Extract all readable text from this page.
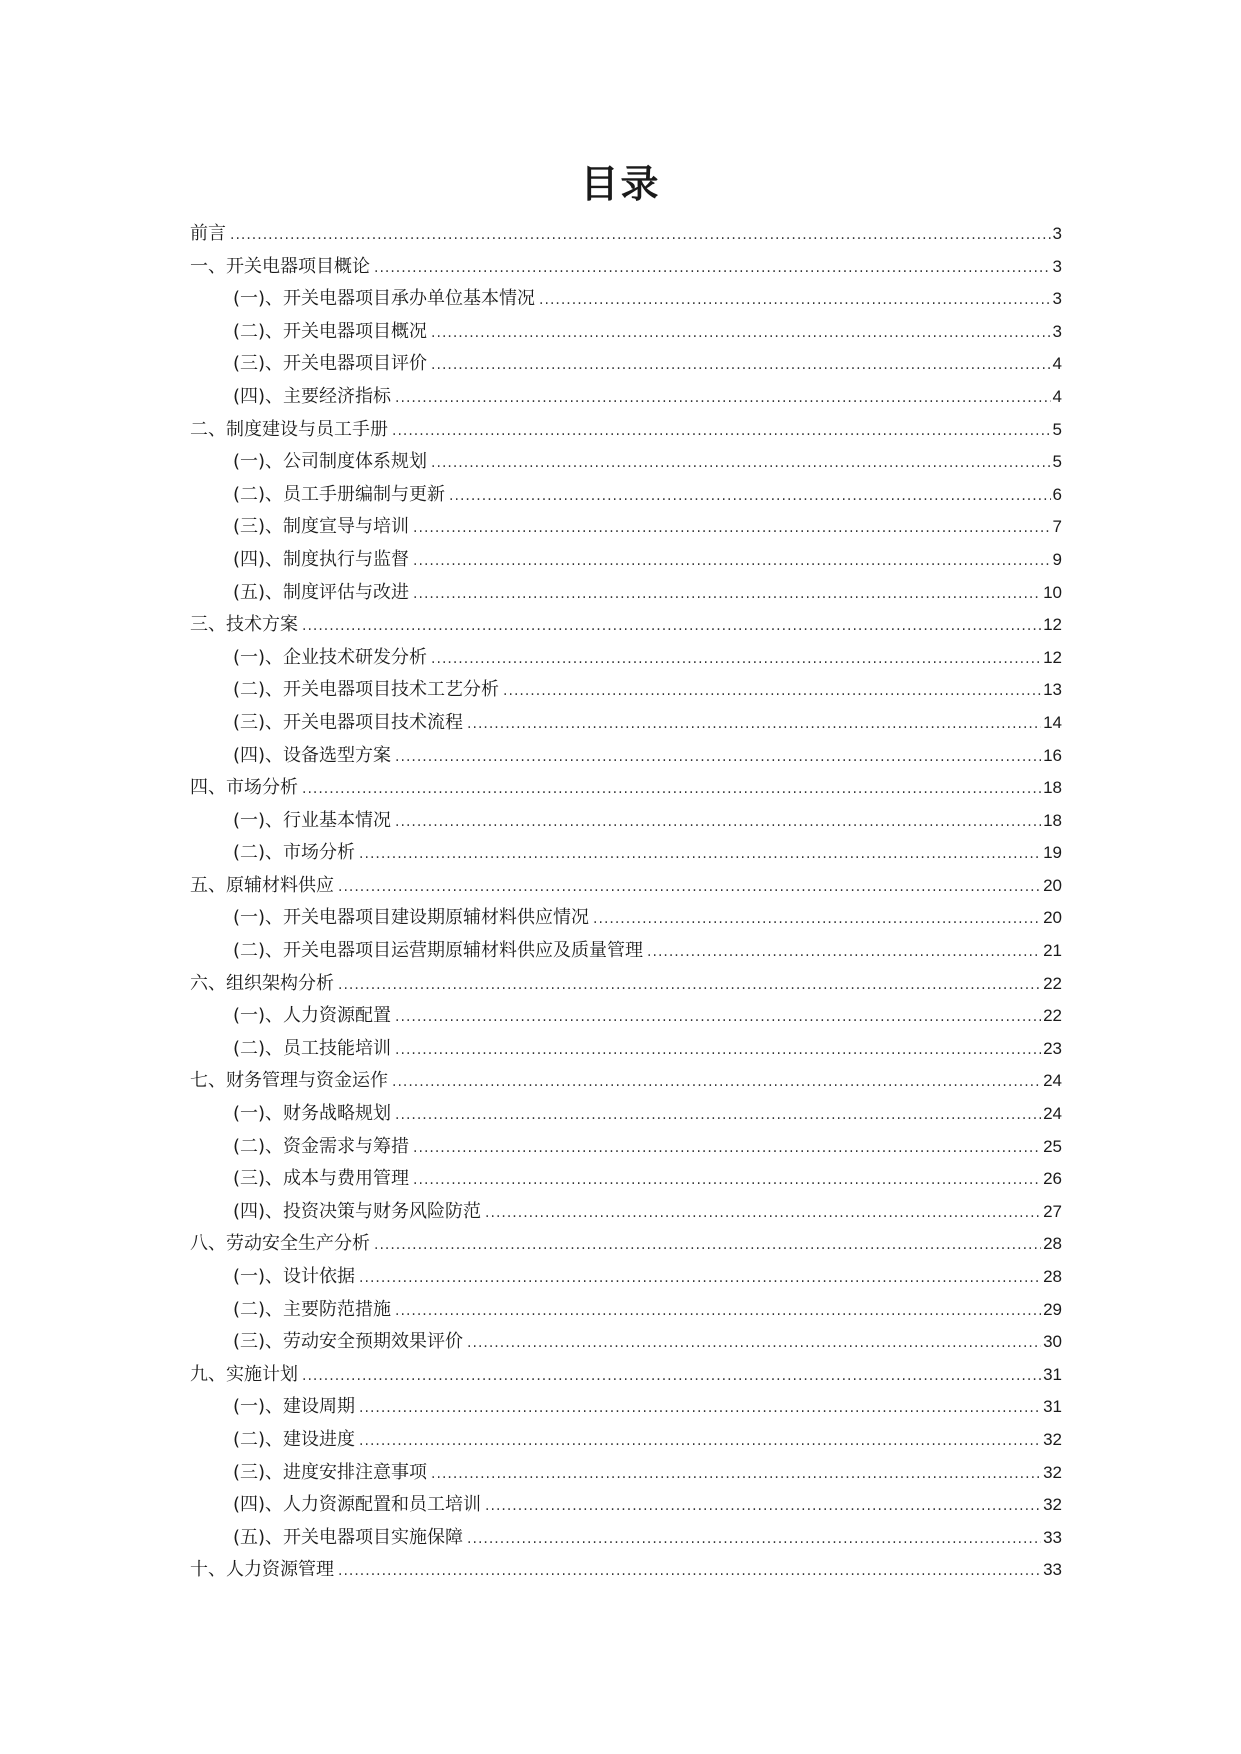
目录
前言 .....	3
一、开关电器项目概论 .....	3
(一)、开关电器项目承办单位基本情况 .....	3
(二)、开关电器项目概况 .....	3
(三)、开关电器项目评价 .....	4
(四)、主要经济指标 .....	4
二、制度建设与员工手册 .....	5
(一)、公司制度体系规划 .....	5
(二)、员工手册编制与更新 .....	6
(三)、制度宣导与培训 .....	7
(四)、制度执行与监督 .....	9
(五)、制度评估与改进 .....	10
三、技术方案 .....	12
(一)、企业技术研发分析 .....	12
(二)、开关电器项目技术工艺分析 .....	13
(三)、开关电器项目技术流程 .....	14
(四)、设备选型方案 .....	16
四、市场分析 .....	18
(一)、行业基本情况 .....	18
(二)、市场分析 .....	19
五、原辅材料供应 .....	20
(一)、开关电器项目建设期原辅材料供应情况 .....	20
(二)、开关电器项目运营期原辅材料供应及质量管理 .....	21
六、组织架构分析 .....	22
(一)、人力资源配置 .....	22
(二)、员工技能培训 .....	23
七、财务管理与资金运作 .....	24
(一)、财务战略规划 .....	24
(二)、资金需求与筹措 .....	25
(三)、成本与费用管理 .....	26
(四)、投资决策与财务风险防范 .....	27
八、劳动安全生产分析 .....	28
(一)、设计依据 .....	28
(二)、主要防范措施 .....	29
(三)、劳动安全预期效果评价 .....	30
九、实施计划 .....	31
(一)、建设周期 .....	31
(二)、建设进度 .....	32
(三)、进度安排注意事项 .....	32
(四)、人力资源配置和员工培训 .....	32
(五)、开关电器项目实施保障 .....	33
十、人力资源管理 .....	33
